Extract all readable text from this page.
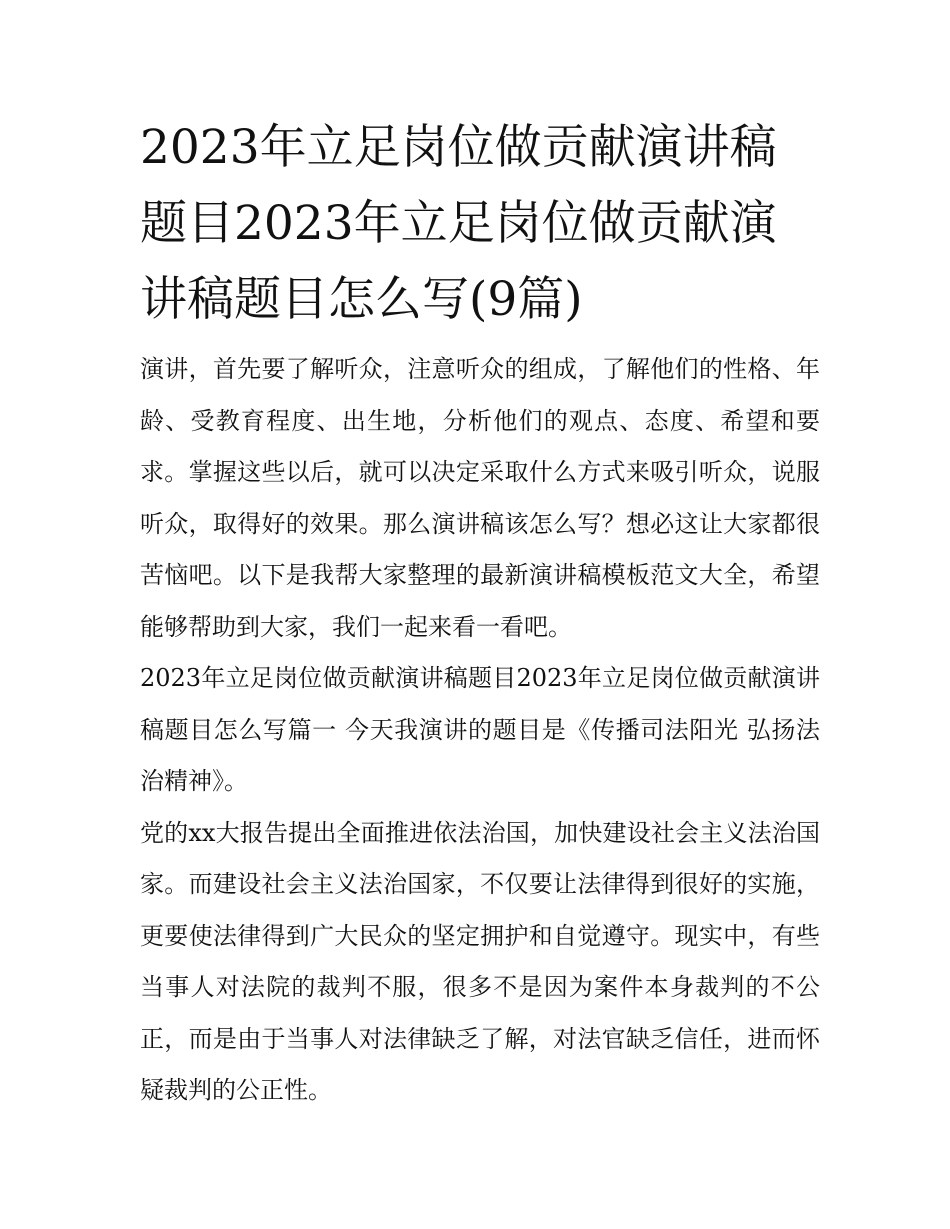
2023年立足岗位做贡献演讲稿题目2023年立足岗位做贡献演讲稿题目怎么写(9篇)

演讲，首先要了解听众，注意听众的组成，了解他们的性格、年龄、受教育程度、出生地，分析他们的观点、态度、希望和要求。掌握这些以后，就可以决定采取什么方式来吸引听众，说服听众，取得好的效果。那么演讲稿该怎么写？想必这让大家都很苦恼吧。以下是我帮大家整理的最新演讲稿模板范文大全，希望能够帮助到大家，我们一起来看一看吧。

2023年立足岗位做贡献演讲稿题目2023年立足岗位做贡献演讲稿题目怎么写篇一 今天我演讲的题目是《传播司法阳光 弘扬法治精神》。

党的xx大报告提出全面推进依法治国，加快建设社会主义法治国家。而建设社会主义法治国家，不仅要让法律得到很好的实施，更要使法律得到广大民众的坚定拥护和自觉遵守。现实中，有些当事人对法院的裁判不服，很多不是因为案件本身裁判的不公正，而是由于当事人对法律缺乏了解，对法官缺乏信任，进而怀疑裁判的公正性。
